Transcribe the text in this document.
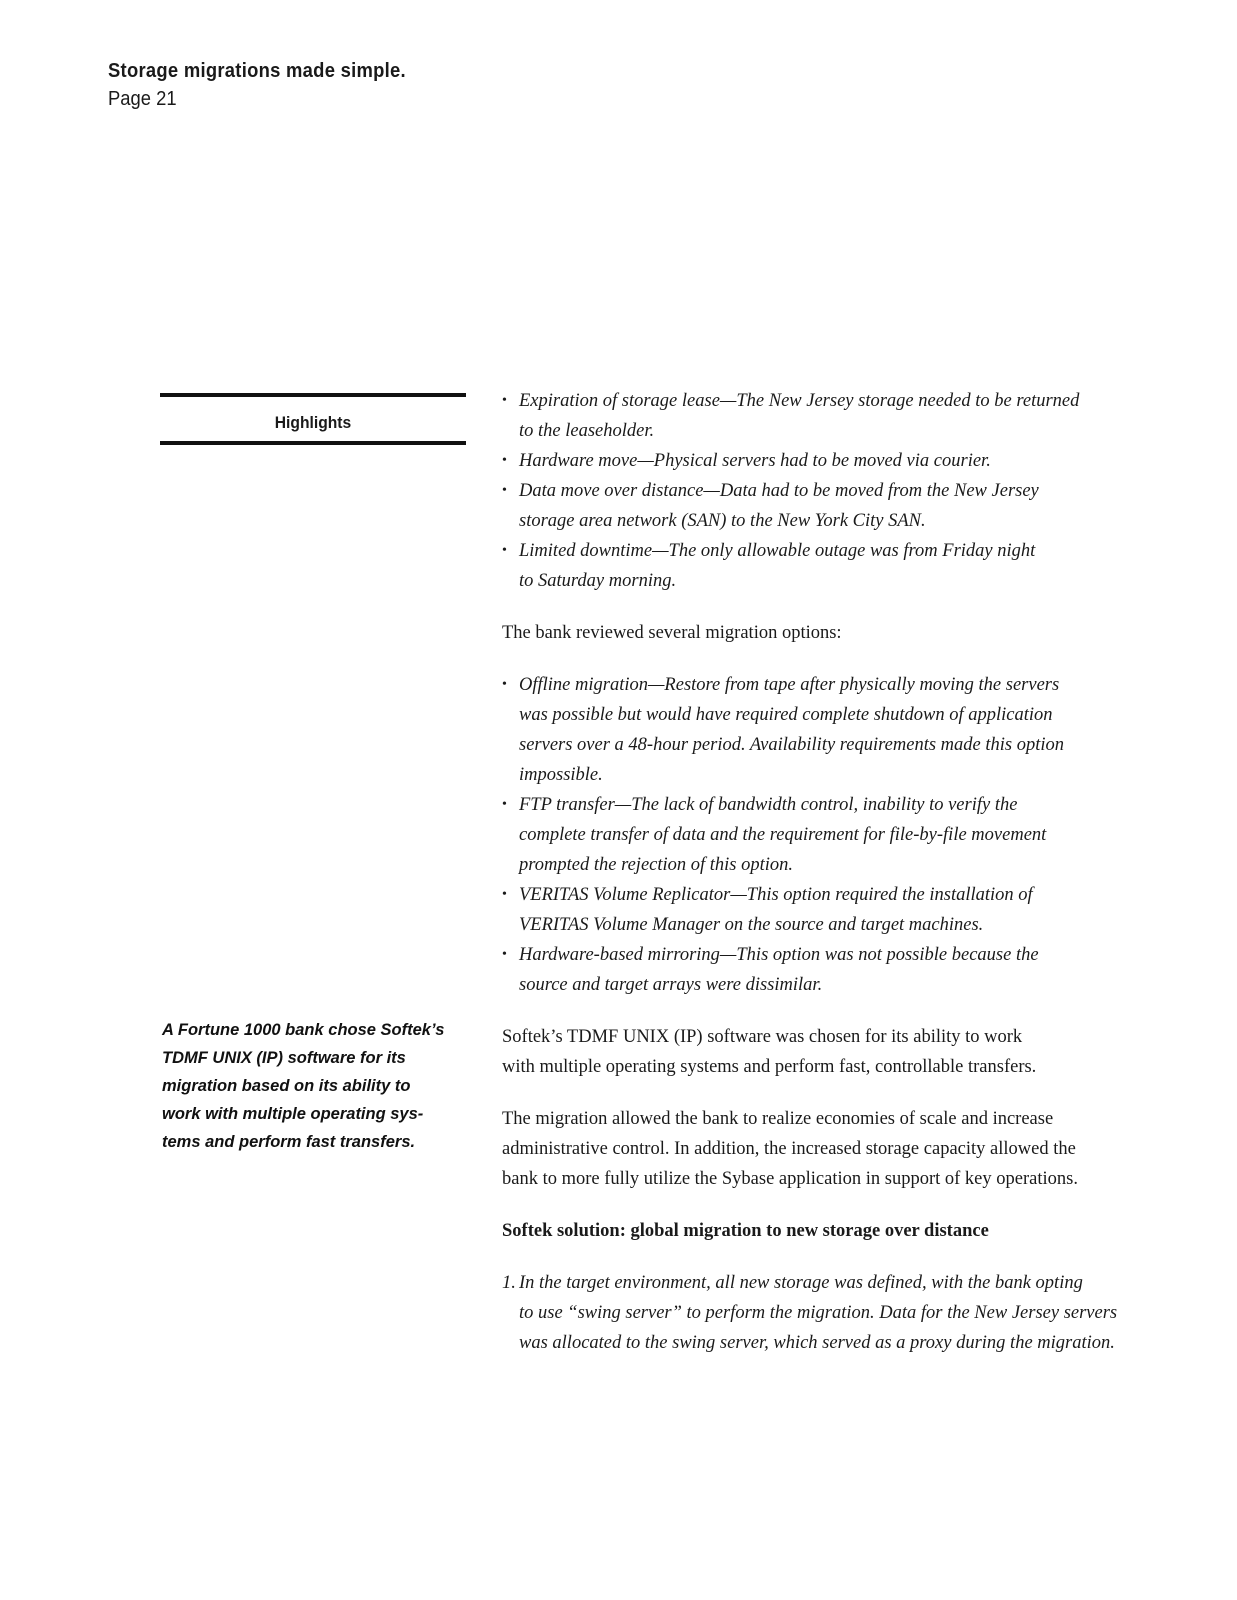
Storage migrations made simple.
Page 21
Highlights
A Fortune 1000 bank chose Softek’s
TDMF UNIX (IP) software for its
migration based on its ability to
work with multiple operating sys-
tems and perform fast transfers.
• Expiration of storage lease—The New Jersey storage needed to be returned
to the leaseholder.
• Hardware move—Physical servers had to be moved via courier.
• Data move over distance—Data had to be moved from the New Jersey
storage area network (SAN) to the New York City SAN.
• Limited downtime—The only allowable outage was from Friday night
to Saturday morning.

The bank reviewed several migration options:

• Offline migration—Restore from tape after physically moving the servers
was possible but would have required complete shutdown of application
servers over a 48-hour period. Availability requirements made this option
impossible.
• FTP transfer—The lack of bandwidth control, inability to verify the
complete transfer of data and the requirement for file-by-file movement
prompted the rejection of this option.
• VERITAS Volume Replicator—This option required the installation of
VERITAS Volume Manager on the source and target machines.
• Hardware-based mirroring—This option was not possible because the
source and target arrays were dissimilar.
Softek’s TDMF UNIX (IP) software was chosen for its ability to work
with multiple operating systems and perform fast, controllable transfers.
The migration allowed the bank to realize economies of scale and increase
administrative control. In addition, the increased storage capacity allowed the
bank to more fully utilize the Sybase application in support of key operations.

Softek solution: global migration to new storage over distance

1. In the target environment, all new storage was defined, with the bank opting
to use “swing server” to perform the migration. Data for the New Jersey servers
was allocated to the swing server, which served as a proxy during the migration.
